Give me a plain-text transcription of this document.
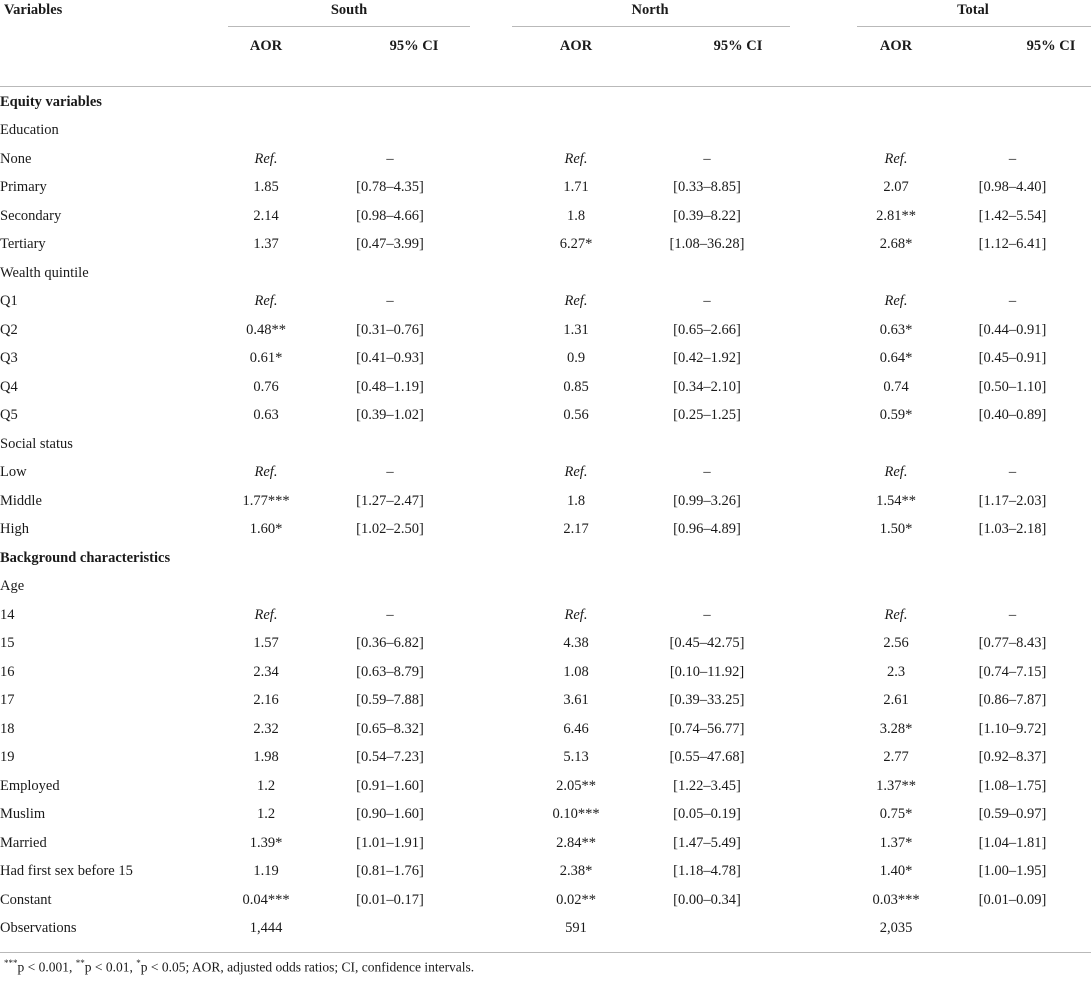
Variables	South	North	Total
AOR	95% CI	AOR	95% CI	AOR	95% CI
Equity variables								
Education								
None	Ref.	–		Ref.	–		Ref.	–
Primary	1.85	[0.78–4.35]		1.71	[0.33–8.85]		2.07	[0.98–4.40]
Secondary	2.14	[0.98–4.66]		1.8	[0.39–8.22]		2.81**	[1.42–5.54]
Tertiary	1.37	[0.47–3.99]		6.27*	[1.08–36.28]		2.68*	[1.12–6.41]
Wealth quintile								
Q1	Ref.	–		Ref.	–		Ref.	–
Q2	0.48**	[0.31–0.76]		1.31	[0.65–2.66]		0.63*	[0.44–0.91]
Q3	0.61*	[0.41–0.93]		0.9	[0.42–1.92]		0.64*	[0.45–0.91]
Q4	0.76	[0.48–1.19]		0.85	[0.34–2.10]		0.74	[0.50–1.10]
Q5	0.63	[0.39–1.02]		0.56	[0.25–1.25]		0.59*	[0.40–0.89]
Social status								
Low	Ref.	–		Ref.	–		Ref.	–
Middle	1.77***	[1.27–2.47]		1.8	[0.99–3.26]		1.54**	[1.17–2.03]
High	1.60*	[1.02–2.50]		2.17	[0.96–4.89]		1.50*	[1.03–2.18]
Background characteristics								
Age								
14	Ref.	–		Ref.	–		Ref.	–
15	1.57	[0.36–6.82]		4.38	[0.45–42.75]		2.56	[0.77–8.43]
16	2.34	[0.63–8.79]		1.08	[0.10–11.92]		2.3	[0.74–7.15]
17	2.16	[0.59–7.88]		3.61	[0.39–33.25]		2.61	[0.86–7.87]
18	2.32	[0.65–8.32]		6.46	[0.74–56.77]		3.28*	[1.10–9.72]
19	1.98	[0.54–7.23]		5.13	[0.55–47.68]		2.77	[0.92–8.37]
Employed	1.2	[0.91–1.60]		2.05**	[1.22–3.45]		1.37**	[1.08–1.75]
Muslim	1.2	[0.90–1.60]		0.10***	[0.05–0.19]		0.75*	[0.59–0.97]
Married	1.39*	[1.01–1.91]		2.84**	[1.47–5.49]		1.37*	[1.04–1.81]
Had first sex before 15	1.19	[0.81–1.76]		2.38*	[1.18–4.78]		1.40*	[1.00–1.95]
Constant	0.04***	[0.01–0.17]		0.02**	[0.00–0.34]		0.03***	[0.01–0.09]
Observations	1,444			591			2,035	
***p < 0.001, **p < 0.01, *p < 0.05; AOR, adjusted odds ratios; CI, confidence intervals.
